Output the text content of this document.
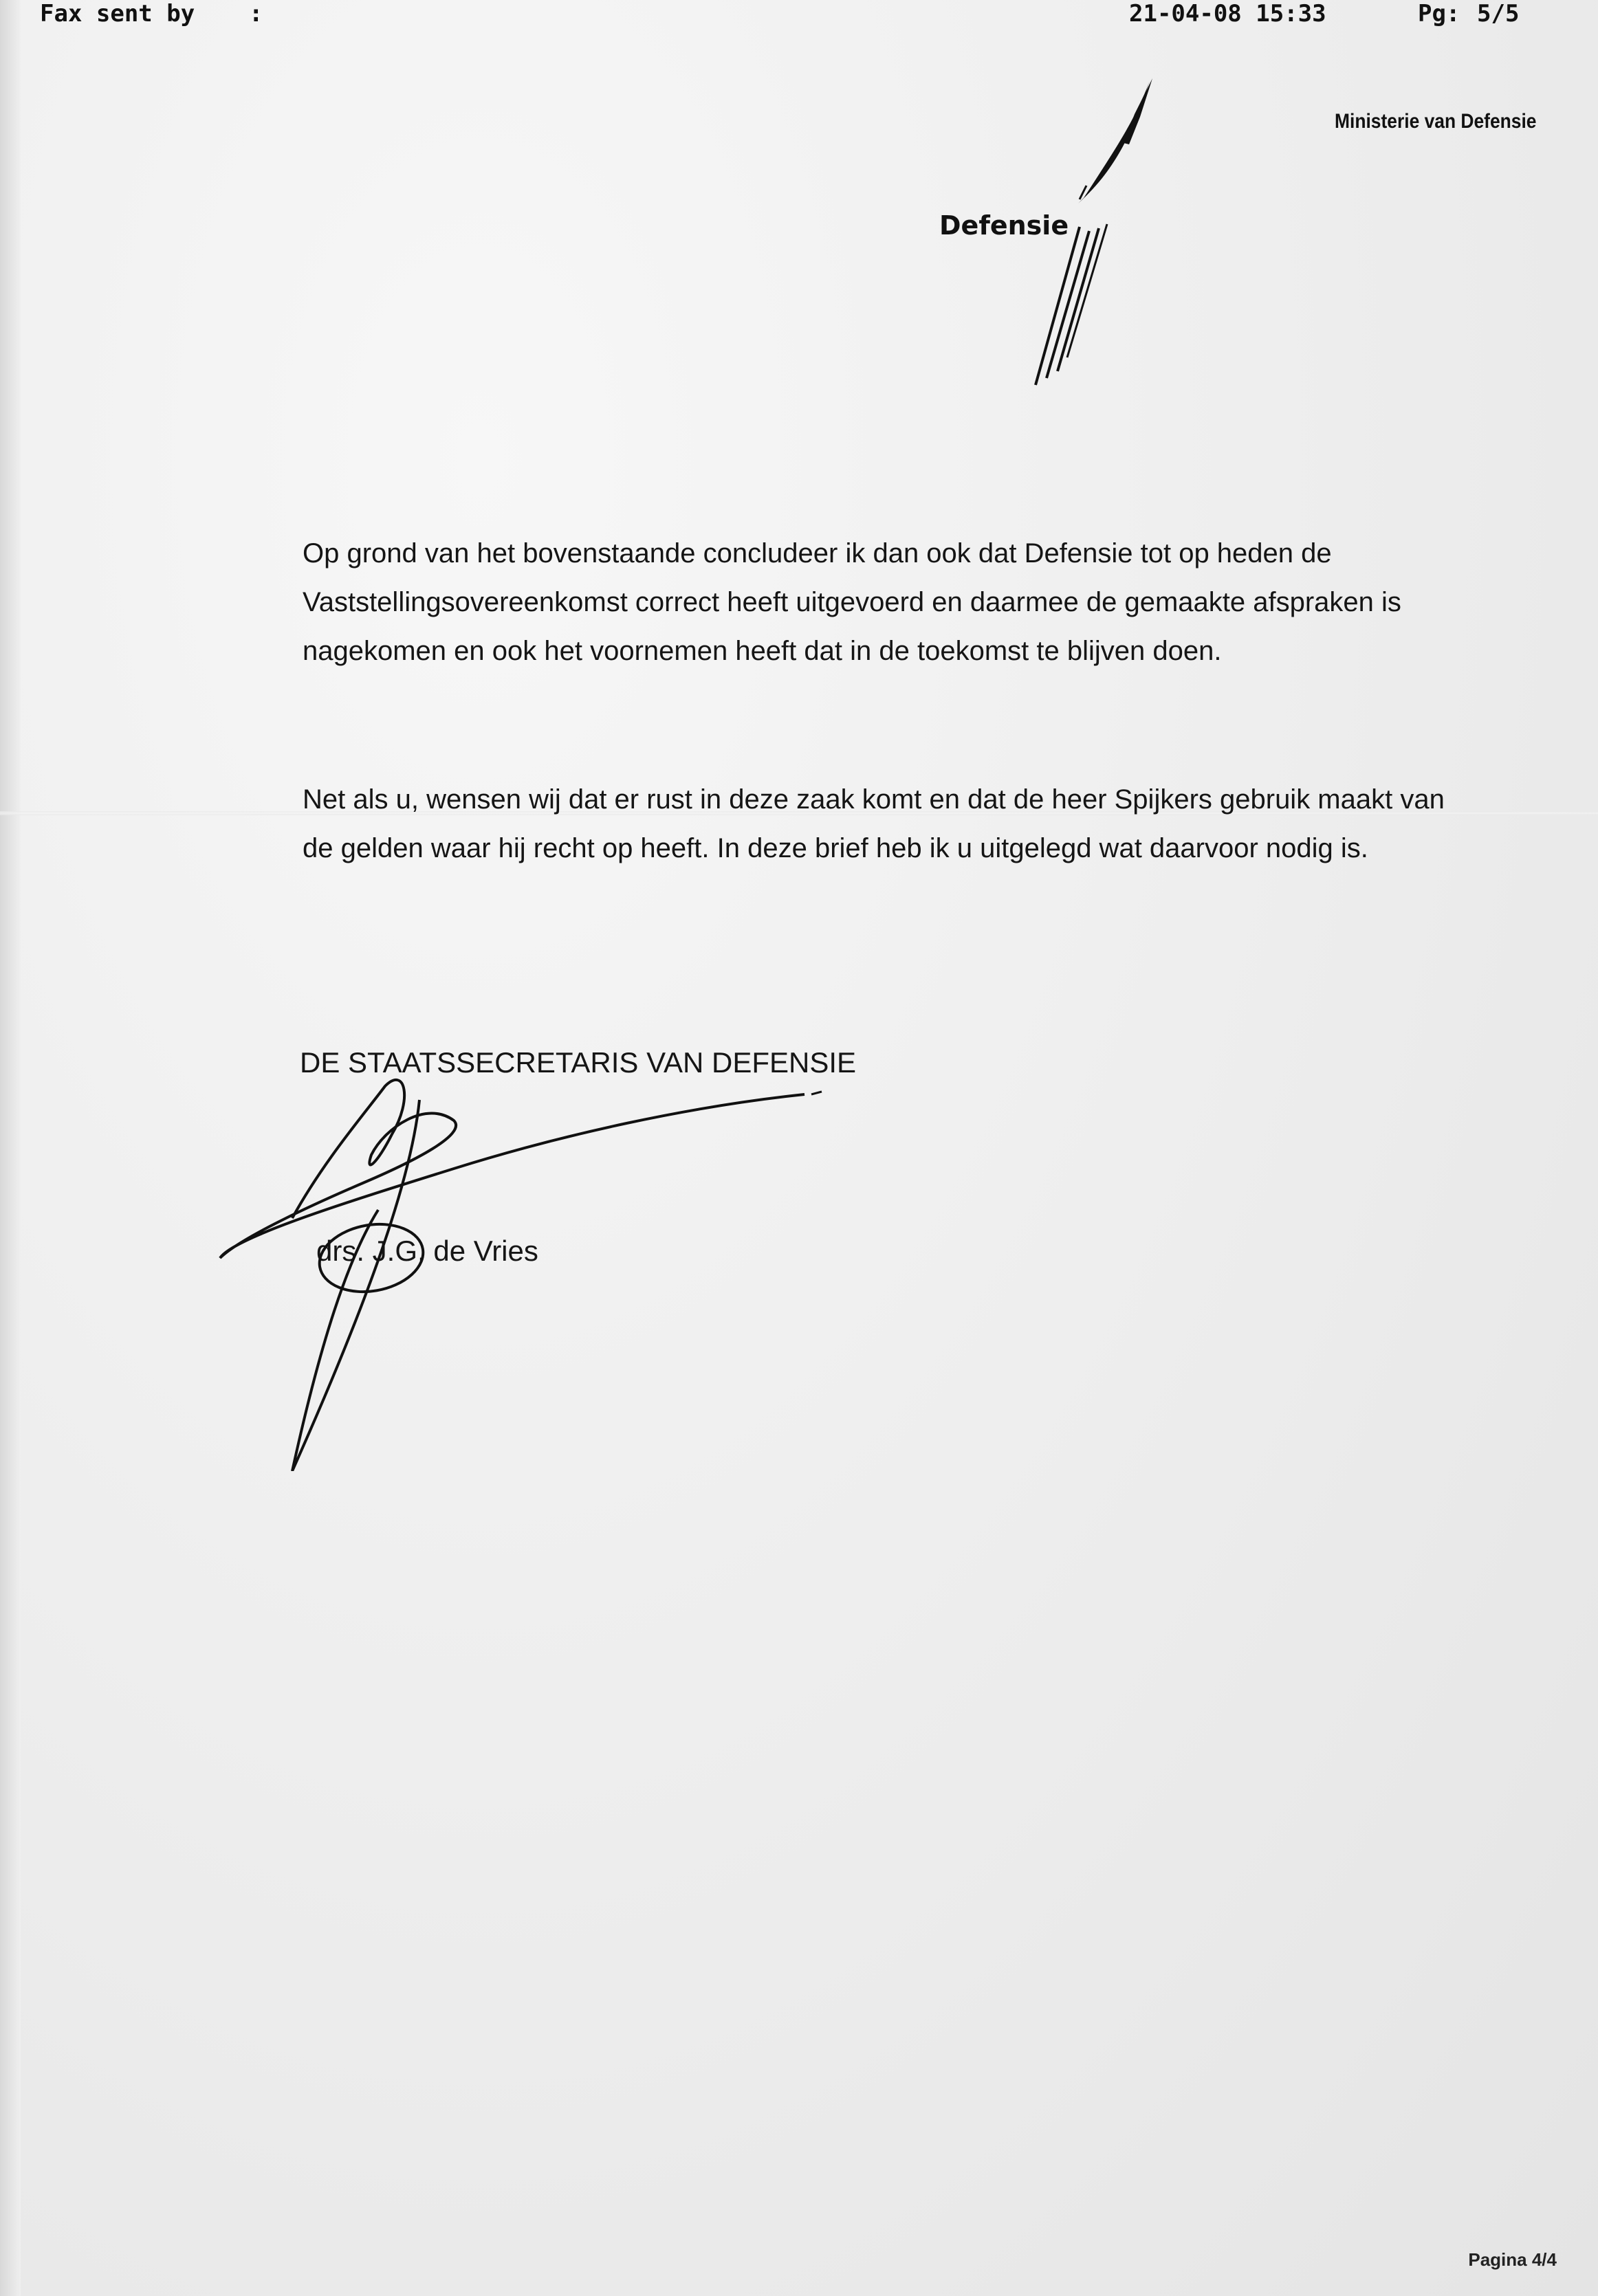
Fax sent by :	21-04-08 15:33	Pg: 5/5
Ministerie van Defensie
Defensie

Op grond van het bovenstaande concludeer ik dan ook dat Defensie tot op heden de Vaststellingsovereenkomst correct heeft uitgevoerd en daarmee de gemaakte afspraken is nagekomen en ook het voornemen heeft dat in de toekomst te blijven doen.

Net als u, wensen wij dat er rust in deze zaak komt en dat de heer Spijkers gebruik maakt van de gelden waar hij recht op heeft. In deze brief heb ik u uitgelegd wat daarvoor nodig is.

DE STAATSSECRETARIS VAN DEFENSIE
drs. J.G. de Vries
Pagina 4/4
